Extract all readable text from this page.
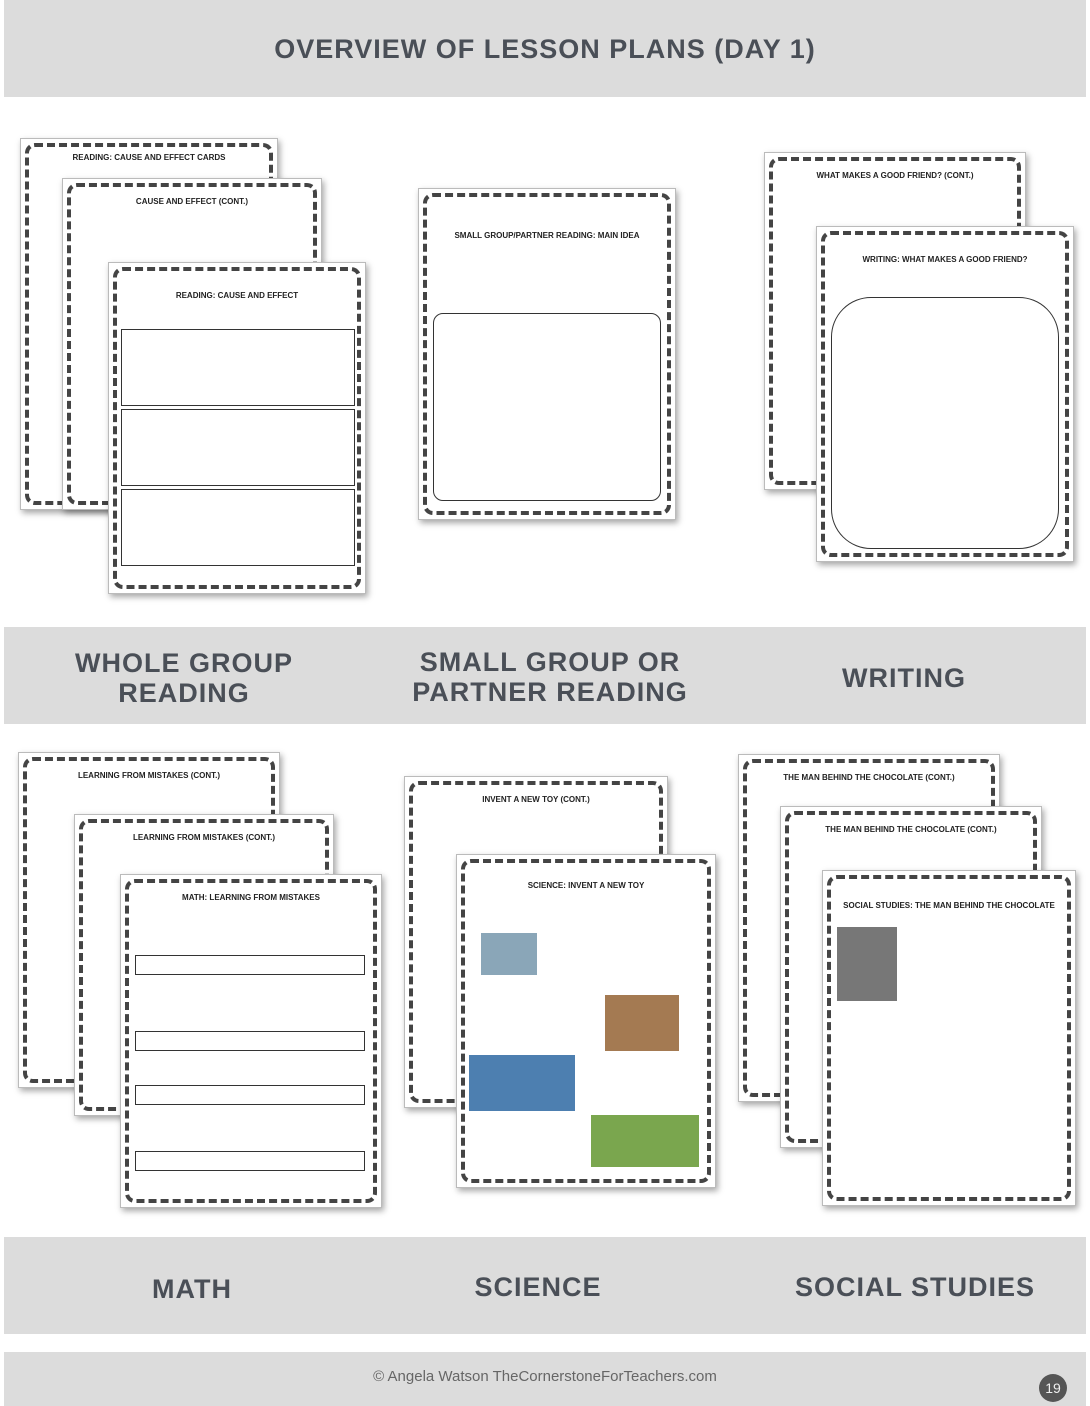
OVERVIEW OF LESSON PLANS (DAY 1)
READING: CAUSE AND EFFECT CARDS
CAUSE AND EFFECT (CONT.)
READING: CAUSE AND EFFECT
SMALL GROUP/PARTNER READING: MAIN IDEA
WHAT MAKES A GOOD FRIEND? (CONT.)
WRITING: WHAT MAKES A GOOD FRIEND?
WHOLE GROUP
READING
SMALL GROUP OR
PARTNER READING	WRITING
LEARNING FROM MISTAKES (CONT.)
LEARNING FROM MISTAKES (CONT.)
MATH: LEARNING FROM MISTAKES
INVENT A NEW TOY (CONT.)
SCIENCE: INVENT A NEW TOY
THE MAN BEHIND THE CHOCOLATE (CONT.)
THE MAN BEHIND THE CHOCOLATE (CONT.)
SOCIAL STUDIES: THE MAN BEHIND THE CHOCOLATE
MATH	SCIENCE	SOCIAL STUDIES
© Angela Watson TheCornerstoneForTeachers.com
19
